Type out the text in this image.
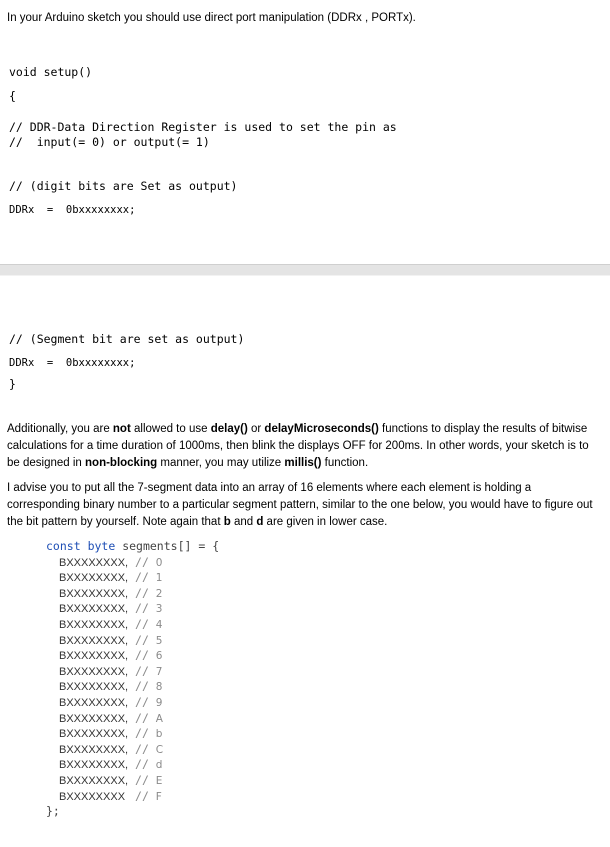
In your Arduino sketch you should use direct port manipulation (DDRx , PORTx).

void setup()
{
// DDR-Data Direction Register is used to set the pin as
//  input(= 0) or output(= 1)
// (digit bits are Set as output)
DDRx  =  0bxxxxxxxx;
// (Segment bit are set as output)
DDRx  =  0bxxxxxxxx;
}

Additionally, you are not allowed to use delay() or delayMicroseconds() functions to display the results of bitwise calculations for a time duration of 1000ms, then blink the displays OFF for 200ms. In other words, your sketch is to be designed in non-blocking manner, you may utilize millis() function.

I advise you to put all the 7-segment data into an array of 16 elements where each element is holding a corresponding binary number to a particular segment pattern, similar to the one below, you would have to figure out the bit pattern by yourself. Note again that b and d are given in lower case.

const byte segments[] = {
BXXXXXXXX, // 0
BXXXXXXXX, // 1
BXXXXXXXX, // 2
BXXXXXXXX, // 3
BXXXXXXXX, // 4
BXXXXXXXX, // 5
BXXXXXXXX, // 6
BXXXXXXXX, // 7
BXXXXXXXX, // 8
BXXXXXXXX, // 9
BXXXXXXXX, // A
BXXXXXXXX, // b
BXXXXXXXX, // C
BXXXXXXXX, // d
BXXXXXXXX, // E
BXXXXXXXX  // F
};
